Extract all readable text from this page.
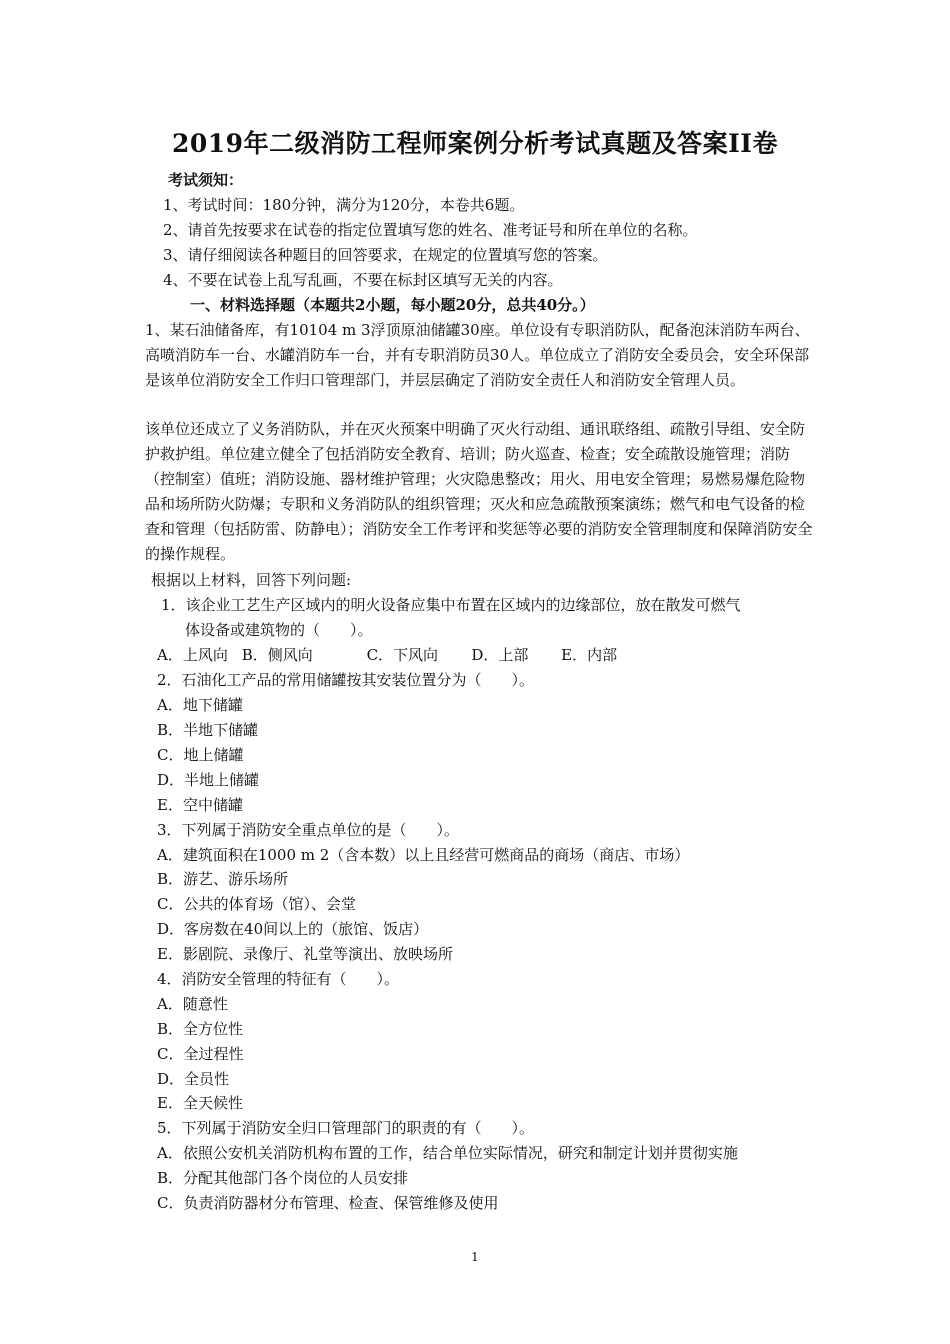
2019年二级消防工程师案例分析考试真题及答案II卷
考试须知：
1、考试时间：180分钟，满分为120分，本卷共6题。
2、请首先按要求在试卷的指定位置填写您的姓名、准考证号和所在单位的名称。
3、请仔细阅读各种题目的回答要求，在规定的位置填写您的答案。
4、不要在试卷上乱写乱画，不要在标封区填写无关的内容。
一、材料选择题（本题共2小题，每小题20分，总共40分。）
1、某石油储备库，有10104 m 3浮顶原油储罐30座。单位设有专职消防队，配备泡沫消防车两台、高喷消防车一台、水罐消防车一台，并有专职消防员30人。单位成立了消防安全委员会，安全环保部是该单位消防安全工作归口管理部门，并层层确定了消防安全责任人和消防安全管理人员。
该单位还成立了义务消防队，并在灭火预案中明确了灭火行动组、通讯联络组、疏散引导组、安全防护救护组。单位建立健全了包括消防安全教育、培训；防火巡查、检查；安全疏散设施管理；消防（控制室）值班；消防设施、器材维护管理；火灾隐患整改；用火、用电安全管理；易燃易爆危险物品和场所防火防爆；专职和义务消防队的组织管理；灭火和应急疏散预案演练；燃气和电气设备的检查和管理（包括防雷、防静电）；消防安全工作考评和奖惩等必要的消防安全管理制度和保障消防安全的操作规程。
根据以上材料，回答下列问题:
1．该企业工艺生产区域内的明火设备应集中布置在区域内的边缘部位，放在散发可燃气
体设备或建筑物的（　　）。
A．上风向 B．侧风向	C．下风向 D．上部 E．内部
2．石油化工产品的常用储罐按其安装位置分为（　　）。
A．地下储罐
B．半地下储罐
C．地上储罐
D．半地上储罐
E．空中储罐
3．下列属于消防安全重点单位的是（　　）。
A．建筑面积在1000 m 2（含本数）以上且经营可燃商品的商场（商店、市场）
B．游艺、游乐场所
C．公共的体育场（馆）、会堂
D．客房数在40间以上的（旅馆、饭店）
E．影剧院、录像厅、礼堂等演出、放映场所
4．消防安全管理的特征有（　　）。
A．随意性
B．全方位性
C．全过程性
D．全员性
E．全天候性
5．下列属于消防安全归口管理部门的职责的有（　　）。
A．依照公安机关消防机构布置的工作，结合单位实际情况，研究和制定计划并贯彻实施
B．分配其他部门各个岗位的人员安排
C．负责消防器材分布管理、检查、保管维修及使用
1
